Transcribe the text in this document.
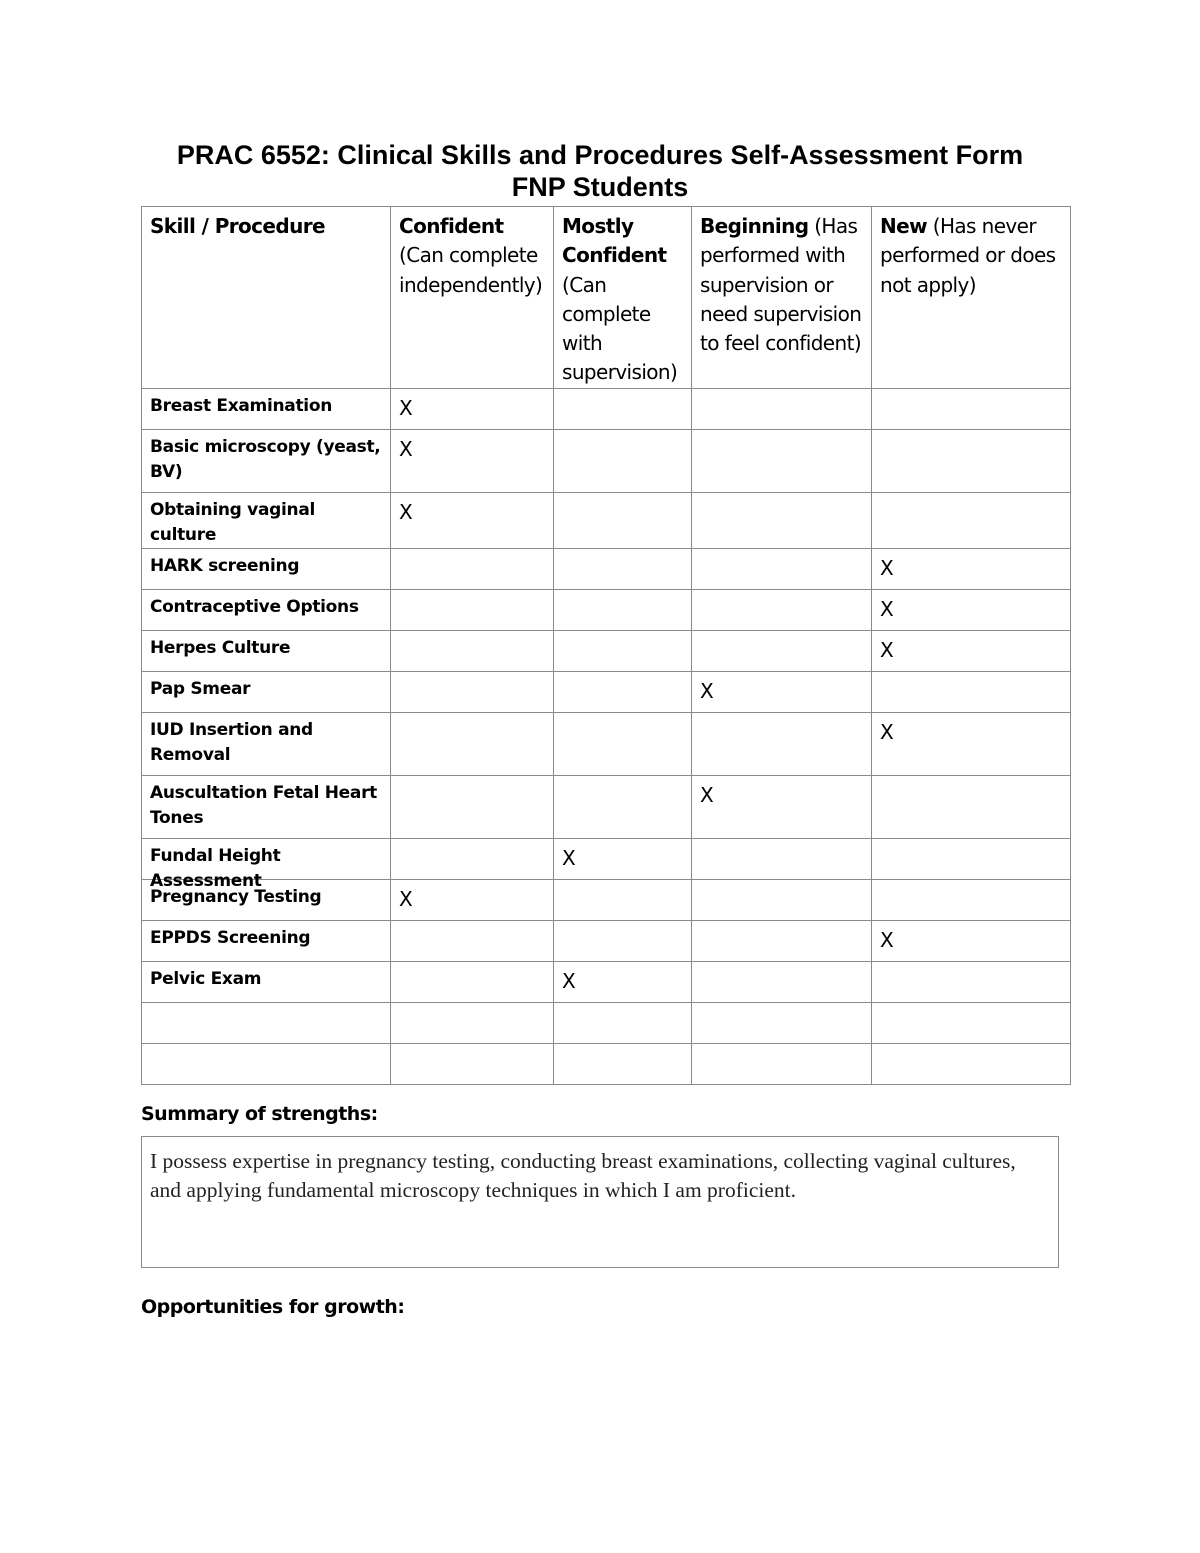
PRAC 6552: Clinical Skills and Procedures Self-Assessment Form
FNP Students
Skill / Procedure	Confident (Can complete independently)	Mostly Confident (Can complete with supervision)	Beginning (Has performed with supervision or need supervision to feel confident)	New (Has never performed or does not apply)
Breast Examination	X			
Basic microscopy (yeast, BV)	X			
Obtaining vaginal culture	X			
HARK screening				X
Contraceptive Options				X
Herpes Culture				X
Pap Smear			X	
IUD Insertion and Removal				X
Auscultation Fetal Heart Tones			X	

Fundal Height Assessment		X		
Pregnancy Testing	X			
EPPDS Screening				X
Pelvic Exam		X		

Summary of strengths:
I possess expertise in pregnancy testing, conducting breast examinations, collecting vaginal cultures, and applying fundamental microscopy techniques in which I am proficient.
Opportunities for growth:
